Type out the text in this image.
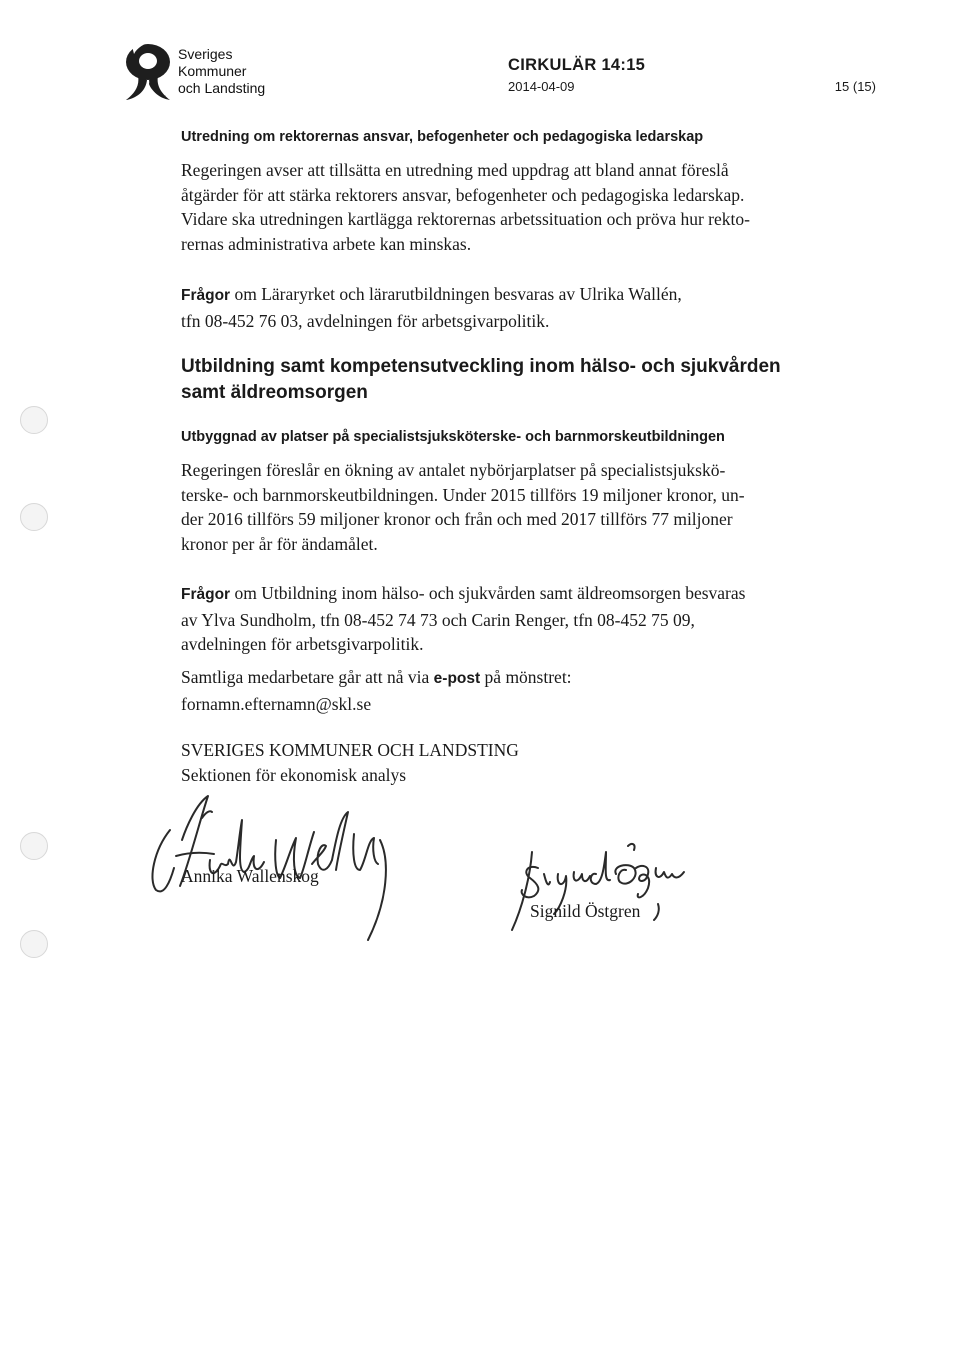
Sveriges
Kommuner
och Landsting
CIRKULÄR 14:15
2014-04-09	15 (15)
Utredning om rektorernas ansvar, befogenheter och pedagogiska ledarskap

Regeringen avser att tillsätta en utredning med uppdrag att bland annat föreslå

åtgärder för att stärka rektorers ansvar, befogenheter och pedagogiska ledarskap.

Vidare ska utredningen kartlägga rektorernas arbetssituation och pröva hur rekto-

rernas administrativa arbete kan minskas.

Frågor om Läraryrket och lärarutbildningen besvaras av Ulrika Wallén,

tfn 08-452 76 03, avdelningen för arbetsgivarpolitik.

Utbildning samt kompetensutveckling inom hälso- och sjukvården
samt äldreomsorgen
Utbyggnad av platser på specialistsjuksköterske- och barnmorskeutbildningen

Regeringen föreslår en ökning av antalet nybörjarplatser på specialistsjukskö-

terske- och barnmorskeutbildningen. Under 2015 tillförs 19 miljoner kronor, un-

der 2016 tillförs 59 miljoner kronor och från och med 2017 tillförs 77 miljoner

kronor per år för ändamålet.

Frågor om Utbildning inom hälso- och sjukvården samt äldreomsorgen besvaras

av Ylva Sundholm, tfn 08-452 74 73 och Carin Renger, tfn 08-452 75 09,

avdelningen för arbetsgivarpolitik.

Samtliga medarbetare går att nå via e-post på mönstret:

fornamn.efternamn@skl.se

SVERIGES KOMMUNER OCH LANDSTING

Sektionen för ekonomisk analys

Annika Wallenskog
Signild Östgren
